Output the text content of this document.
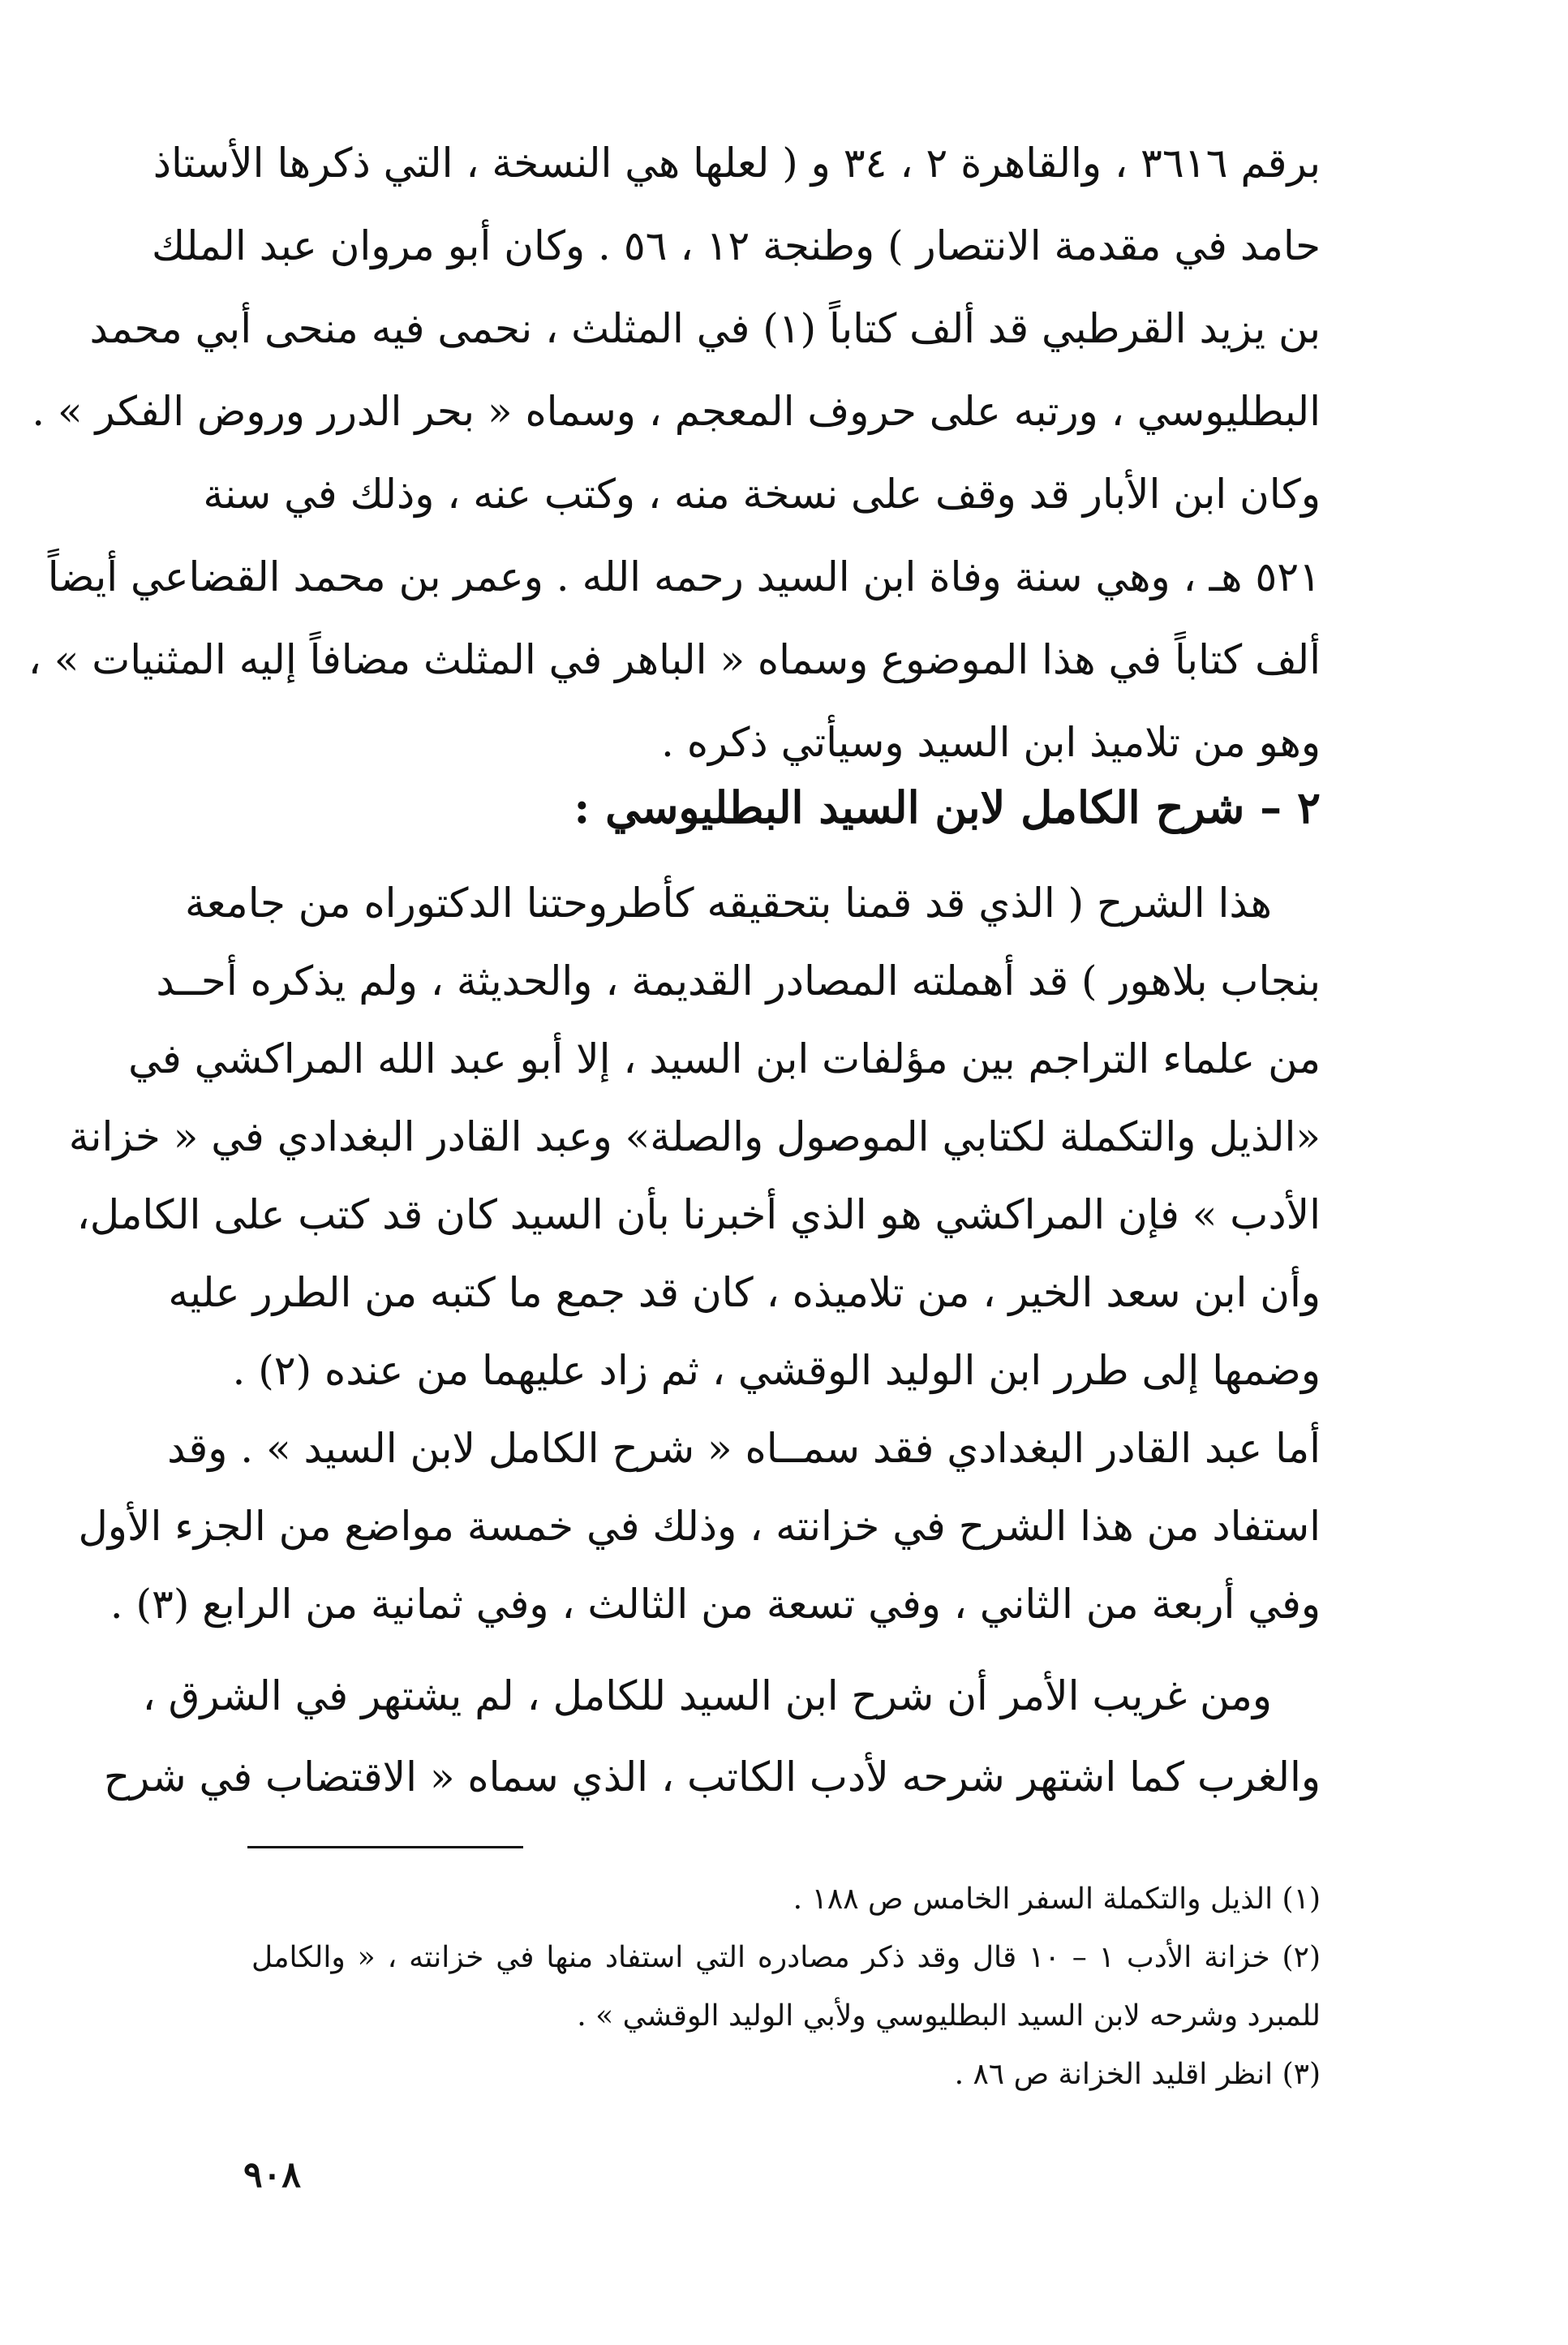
برقم ٣٦١٦ ، والقاهرة ٢ ، ٣٤ و ( لعلها هي النسخة ، التي ذكرها الأستاذ
حامد في مقدمة الانتصار ) وطنجة ١٢ ، ٥٦ . وكان أبو مروان عبد الملك
بن يزيد القرطبي قد ألف كتاباً (١) في المثلث ، نحمى فيه منحى أبي محمد
البطليوسي ، ورتبه على حروف المعجم ، وسماه « بحر الدرر وروض الفكر » .
وكان ابن الأبار قد وقف على نسخة منه ، وكتب عنه ، وذلك في سنة
٥٢١ هـ ، وهي سنة وفاة ابن السيد رحمه الله . وعمر بن محمد القضاعي أيضاً
ألف كتاباً في هذا الموضوع وسماه « الباهر في المثلث مضافاً إليه المثنيات » ،
وهو من تلاميذ ابن السيد وسيأتي ذكره .
٢ – شرح الكامل لابن السيد البطليوسي :
هذا الشرح ( الذي قد قمنا بتحقيقه كأطروحتنا الدكتوراه من جامعة
بنجاب بلاهور ) قد أهملته المصادر القديمة ، والحديثة ، ولم يذكره أحــد
من علماء التراجم بين مؤلفات ابن السيد ، إلا أبو عبد الله المراكشي في
«الذيل والتكملة لكتابي الموصول والصلة» وعبد القادر البغدادي في « خزانة
الأدب » فإن المراكشي هو الذي أخبرنا بأن السيد كان قد كتب على الكامل،
وأن ابن سعد الخير ، من تلاميذه ، كان قد جمع ما كتبه من الطرر عليه
وضمها إلى طرر ابن الوليد الوقشي ، ثم زاد عليهما من عنده (٢) .
أما عبد القادر البغدادي فقد سمــاه « شرح الكامل لابن السيد » . وقد
استفاد من هذا الشرح في خزانته ، وذلك في خمسة مواضع من الجزء الأول
وفي أربعة من الثاني ، وفي تسعة من الثالث ، وفي ثمانية من الرابع (٣) .
ومن غريب الأمر أن شرح ابن السيد للكامل ، لم يشتهر في الشرق ،
والغرب كما اشتهر شرحه لأدب الكاتب ، الذي سماه « الاقتضاب في شرح
(١) الذيل والتكملة السفر الخامس ص ١٨٨ .
(٢) خزانة الأدب ١ – ١٠ قال وقد ذكر مصادره التي استفاد منها في خزانته ، « والكامل
للمبرد وشرحه لابن السيد البطليوسي ولأبي الوليد الوقشي » .
(٣) انظر اقليد الخزانة ص ٨٦ .
٩٠٨
